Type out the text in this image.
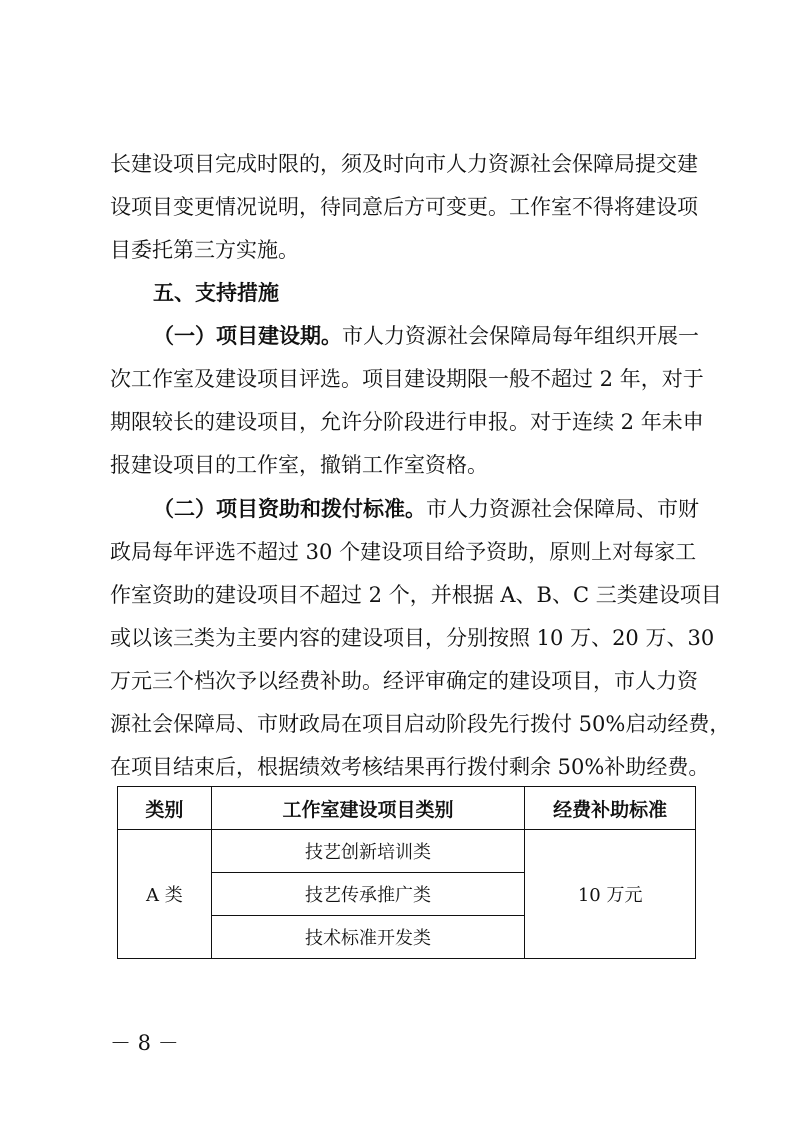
长建设项目完成时限的，须及时向市人力资源社会保障局提交建
设项目变更情况说明，待同意后方可变更。工作室不得将建设项
目委托第三方实施。
五、支持措施
（一）项目建设期。市人力资源社会保障局每年组织开展一
次工作室及建设项目评选。项目建设期限一般不超过 2 年，对于
期限较长的建设项目，允许分阶段进行申报。对于连续 2 年未申
报建设项目的工作室，撤销工作室资格。
（二）项目资助和拨付标准。市人力资源社会保障局、市财
政局每年评选不超过 30 个建设项目给予资助，原则上对每家工
作室资助的建设项目不超过 2 个，并根据 A、B、C 三类建设项目
或以该三类为主要内容的建设项目，分别按照 10 万、20 万、30
万元三个档次予以经费补助。经评审确定的建设项目，市人力资
源社会保障局、市财政局在项目启动阶段先行拨付 50%启动经费，
在项目结束后，根据绩效考核结果再行拨付剩余 50%补助经费。
类别	工作室建设项目类别	经费补助标准
A 类	技艺创新培训类	10 万元
	技艺传承推广类	
	技术标准开发类	
－ 8 －
